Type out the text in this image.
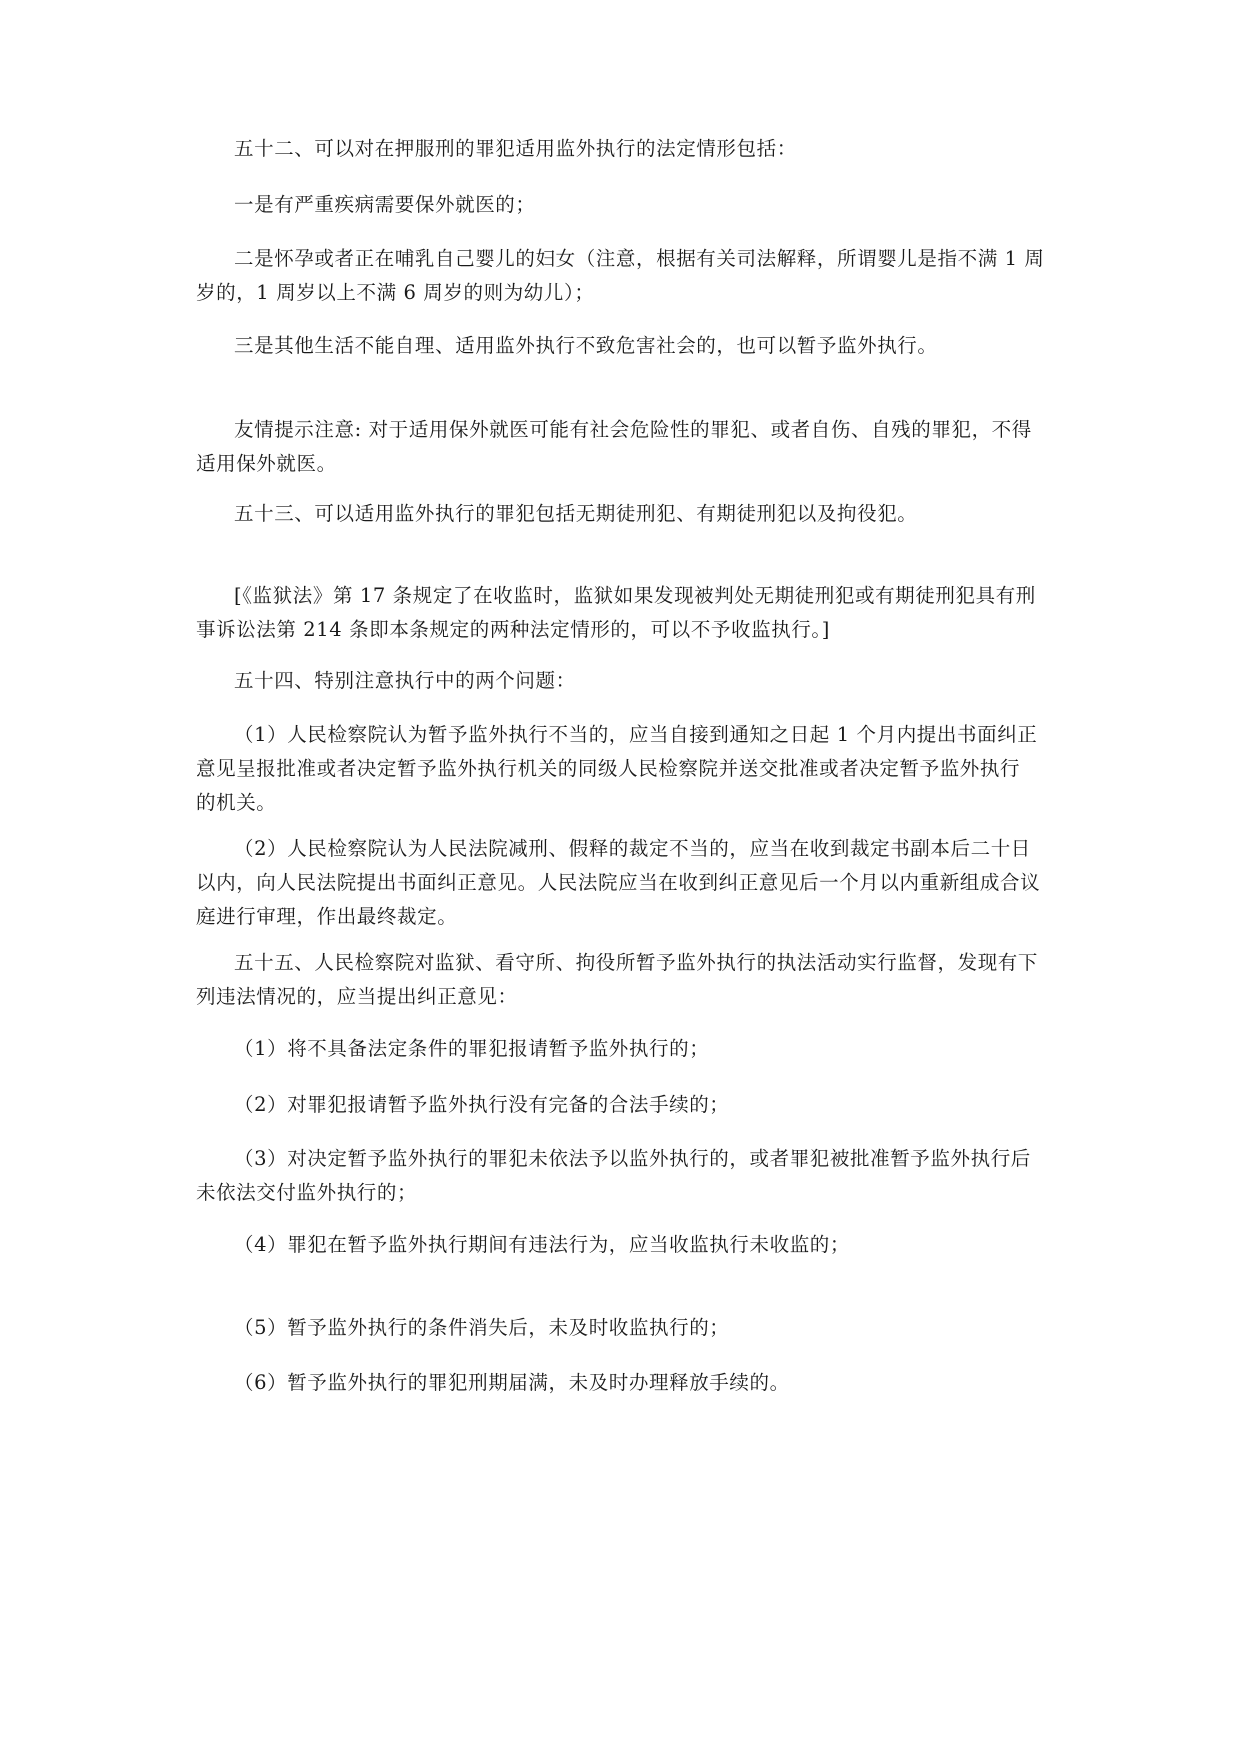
五十二、可以对在押服刑的罪犯适用监外执行的法定情形包括：

一是有严重疾病需要保外就医的；

二是怀孕或者正在哺乳自己婴儿的妇女（注意，根据有关司法解释，所谓婴儿是指不满 1 周
岁的，1 周岁以上不满 6 周岁的则为幼儿）；

三是其他生活不能自理、适用监外执行不致危害社会的，也可以暂予监外执行。

友情提示注意: 对于适用保外就医可能有社会危险性的罪犯、或者自伤、自残的罪犯，不得
适用保外就医。

五十三、可以适用监外执行的罪犯包括无期徒刑犯、有期徒刑犯以及拘役犯。

[《监狱法》第 17 条规定了在收监时，监狱如果发现被判处无期徒刑犯或有期徒刑犯具有刑
事诉讼法第 214 条即本条规定的两种法定情形的，可以不予收监执行。]

五十四、特别注意执行中的两个问题：

（1）人民检察院认为暂予监外执行不当的，应当自接到通知之日起 1 个月内提出书面纠正
意见呈报批准或者决定暂予监外执行机关的同级人民检察院并送交批准或者决定暂予监外执行
的机关。

（2）人民检察院认为人民法院减刑、假释的裁定不当的，应当在收到裁定书副本后二十日
以内，向人民法院提出书面纠正意见。人民法院应当在收到纠正意见后一个月以内重新组成合议
庭进行审理，作出最终裁定。

五十五、人民检察院对监狱、看守所、拘役所暂予监外执行的执法活动实行监督，发现有下
列违法情况的，应当提出纠正意见：

（1）将不具备法定条件的罪犯报请暂予监外执行的；

（2）对罪犯报请暂予监外执行没有完备的合法手续的；

（3）对决定暂予监外执行的罪犯未依法予以监外执行的，或者罪犯被批准暂予监外执行后
未依法交付监外执行的；

（4）罪犯在暂予监外执行期间有违法行为，应当收监执行未收监的；

（5）暂予监外执行的条件消失后，未及时收监执行的；

（6）暂予监外执行的罪犯刑期届满，未及时办理释放手续的。
